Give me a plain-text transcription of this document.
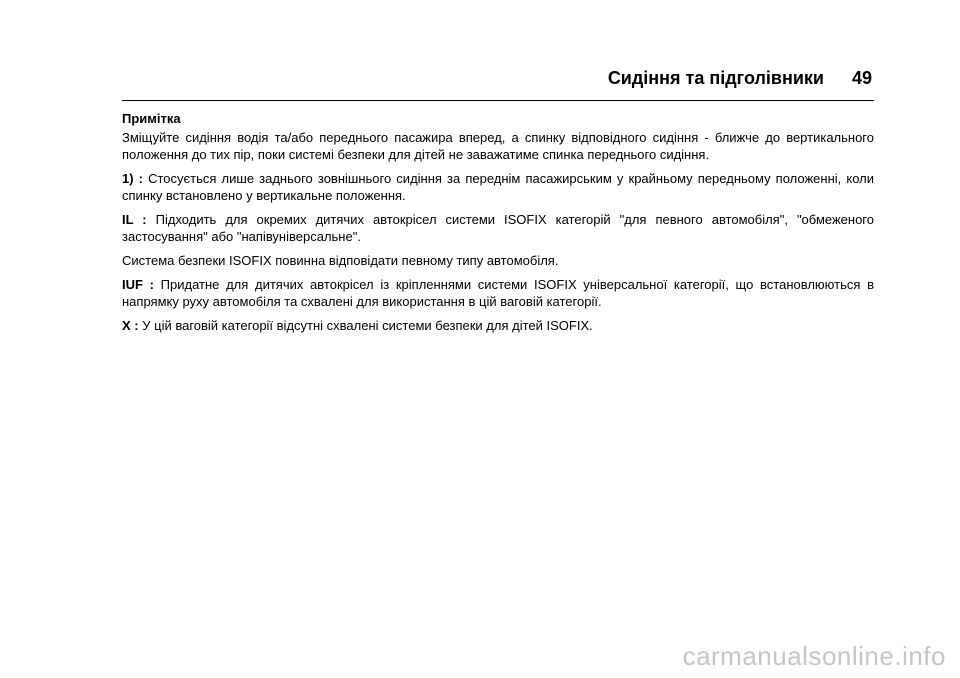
Сидіння та підголівники 49

Примітка

Зміщуйте сидіння водія та/або переднього пасажира вперед, а спинку відповідного сидіння - ближче до вертикального положення до тих пір, поки системі безпеки для дітей не заважатиме спинка переднього сидіння.

1) : Стосується лише заднього зовнішнього сидіння за переднім пасажирським у крайньому передньому положенні, коли спинку встановлено у вертикальне положення.

IL : Підходить для окремих дитячих автокрісел системи ISOFIX категорій "для певного автомобіля", "обмеженого застосування" або "напівуніверсальне".

Система безпеки ISOFIX повинна відповідати певному типу автомобіля.

IUF : Придатне для дитячих автокрісел із кріпленнями системи ISOFIX універсальної категорії, що встановлюються в напрямку руху автомобіля та схвалені для використання в цій ваговій категорії.

X : У цій ваговій категорії відсутні схвалені системи безпеки для дітей ISOFIX.

carmanualsonline.info
